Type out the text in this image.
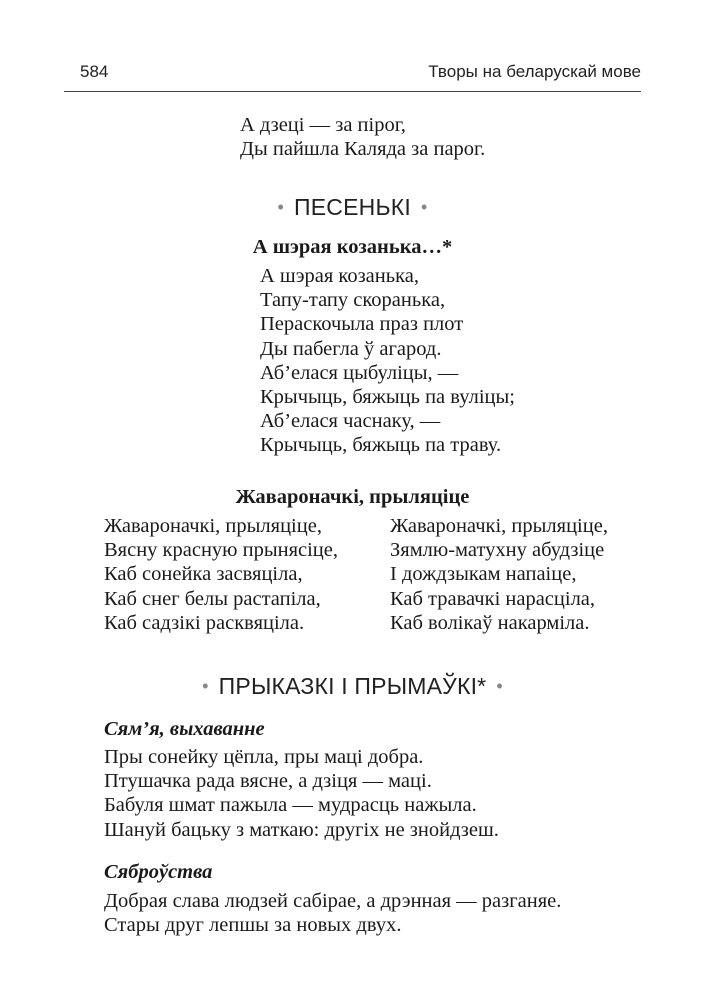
584	Творы на беларускай мове
А дзеці — за пірог,
Ды пайшла Каляда за парог.
• ПЕСЕНЬКІ •
А шэрая козанька…*
А шэрая козанька,
Тапу-тапу скоранька,
Пераскочыла праз плот
Ды пабегла ў агарод.
Аб’елася цыбуліцы, —
Крычыць, бяжыць па вуліцы;
Аб’елася часнаку, —
Крычыць, бяжыць па траву.
Жавароначкі, прыляціце
Жавароначкі, прыляціце,
Вясну красную прынясіце,
Каб сонейка засвяціла,
Каб снег белы растапіла,
Каб садзікі расквяціла.
Жавароначкі, прыляціце,
Зямлю-матухну абудзіце
І дождзыкам напаіце,
Каб травачкі нарасціла,
Каб волікаў накарміла.
• ПРЫКАЗКІ І ПРЫМАЎКІ* •
Сям’я, выхаванне
Пры сонейку цёпла, пры маці добра.
Птушачка рада вясне, а дзіця — маці.
Бабуля шмат пажыла — мудрасць нажыла.
Шануй бацьку з маткаю: другіх не знойдзеш.
Сяброўства
Добрая слава людзей сабірае, а дрэнная — разганяе.
Стары друг лепшы за новых двух.
